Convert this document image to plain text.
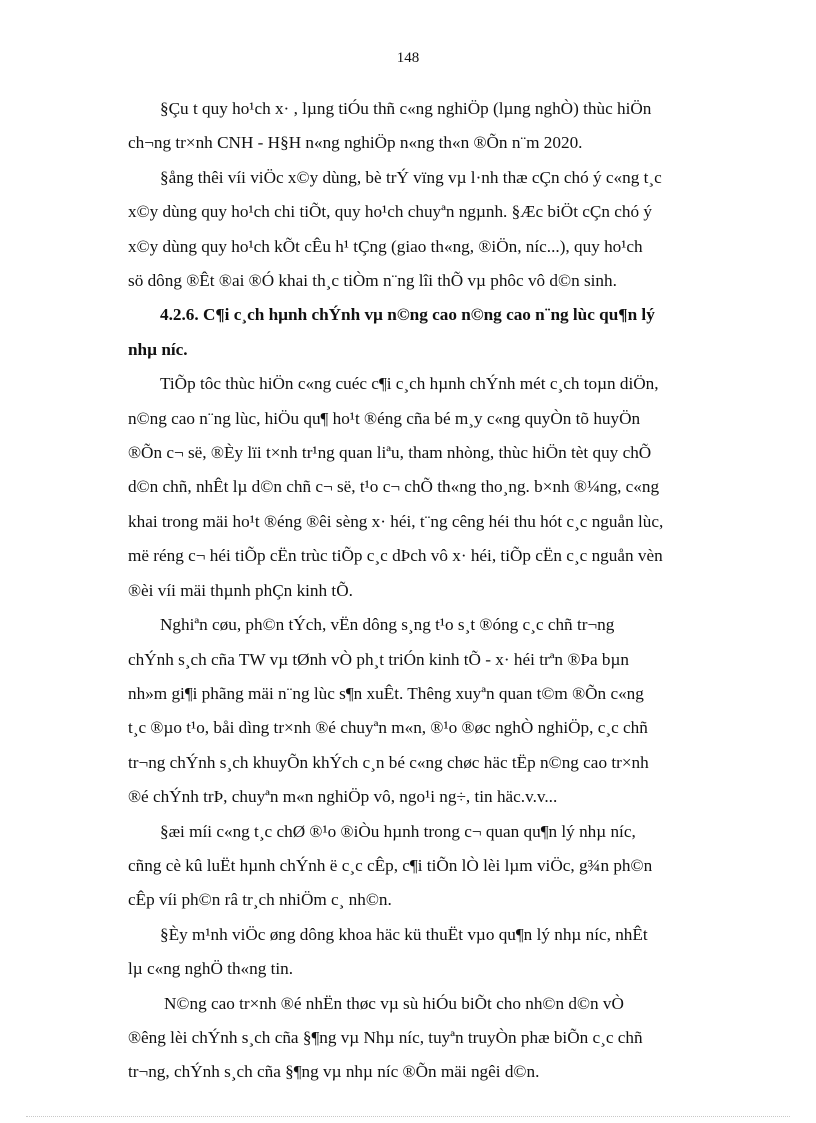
148
§Çu t quy ho¹ch x· , lµng tiÓu thñ c«ng nghiÖp (lµng nghÒ) thùc hiÖn
ch¬ng tr×nh CNH - H§H n«ng nghiÖp n«ng th«n ®Õn n¨m 2020.
§ång thêi víi viÖc x©y dùng, bè trÝ vïng vµ l·nh thæ cÇn chó ý c«ng t¸c
x©y dùng quy ho¹ch chi tiÕt, quy ho¹ch chuyªn ngµnh. §Æc biÖt cÇn chó ý
x©y dùng quy ho¹ch kÕt cÊu h¹ tÇng (giao th«ng, ®iÖn, níc...), quy ho¹ch
sö dông ®Êt ®ai ®Ó khai th¸c tiÒm n¨ng lîi thÕ vµ phôc vô d©n sinh.
4.2.6. C¶i c¸ch hµnh chÝnh vµ n©ng cao n©ng cao n¨ng lùc qu¶n lý
nhµ níc.
TiÕp tôc thùc hiÖn c«ng cuéc c¶i c¸ch hµnh chÝnh mét c¸ch toµn diÖn,
n©ng cao n¨ng lùc, hiÖu qu¶ ho¹t ®éng cña bé m¸y c«ng quyÒn tõ huyÖn
®Õn c¬ së, ®Èy lïi t×nh tr¹ng quan liªu, tham nhòng, thùc hiÖn tèt quy chÕ
d©n chñ, nhÊt lµ d©n chñ c¬ së, t¹o c¬ chÕ th«ng tho¸ng. b×nh ®¼ng, c«ng
khai trong mäi ho¹t ®éng ®êi sèng x· héi, t¨ng cêng héi thu hót c¸c nguån lùc,
më réng c¬ héi tiÕp cËn trùc tiÕp c¸c dÞch vô x· héi, tiÕp cËn c¸c nguån vèn
®èi víi mäi thµnh phÇn kinh tÕ.
Nghiªn cøu, ph©n tÝch, vËn dông s¸ng t¹o s¸t ®óng c¸c chñ tr¬ng
chÝnh s¸ch cña TW vµ tØnh vÒ ph¸t triÓn kinh tÕ - x· héi trªn ®Þa bµn
nh»m gi¶i phãng mäi n¨ng lùc s¶n xuÊt. Thêng xuyªn quan t©m ®Õn c«ng
t¸c ®µo t¹o, båi dìng tr×nh ®é chuyªn m«n, ®¹o ®øc nghÒ nghiÖp, c¸c chñ
tr¬ng chÝnh s¸ch khuyÕn khÝch c¸n bé c«ng chøc häc tËp n©ng cao tr×nh
®é chÝnh trÞ, chuyªn m«n nghiÖp vô, ngo¹i ng÷, tin häc.v.v...
§æi míi c«ng t¸c chØ ®¹o ®iÒu hµnh trong c¬ quan qu¶n lý nhµ níc,
cñng cè kû luËt hµnh chÝnh ë c¸c cÊp, c¶i tiÕn lÒ lèi lµm viÖc, g¾n ph©n
cÊp víi ph©n râ tr¸ch nhiÖm c¸ nh©n.
§Èy m¹nh viÖc øng dông khoa häc kü thuËt vµo qu¶n lý nhµ níc, nhÊt
lµ c«ng nghÖ th«ng tin.
N©ng cao tr×nh ®é nhËn thøc vµ sù hiÓu biÕt cho nh©n d©n vÒ
®êng lèi chÝnh s¸ch cña §¶ng vµ Nhµ níc, tuyªn truyÒn phæ biÕn c¸c chñ
tr¬ng, chÝnh s¸ch cña §¶ng vµ nhµ níc ®Õn mäi ngêi d©n.
